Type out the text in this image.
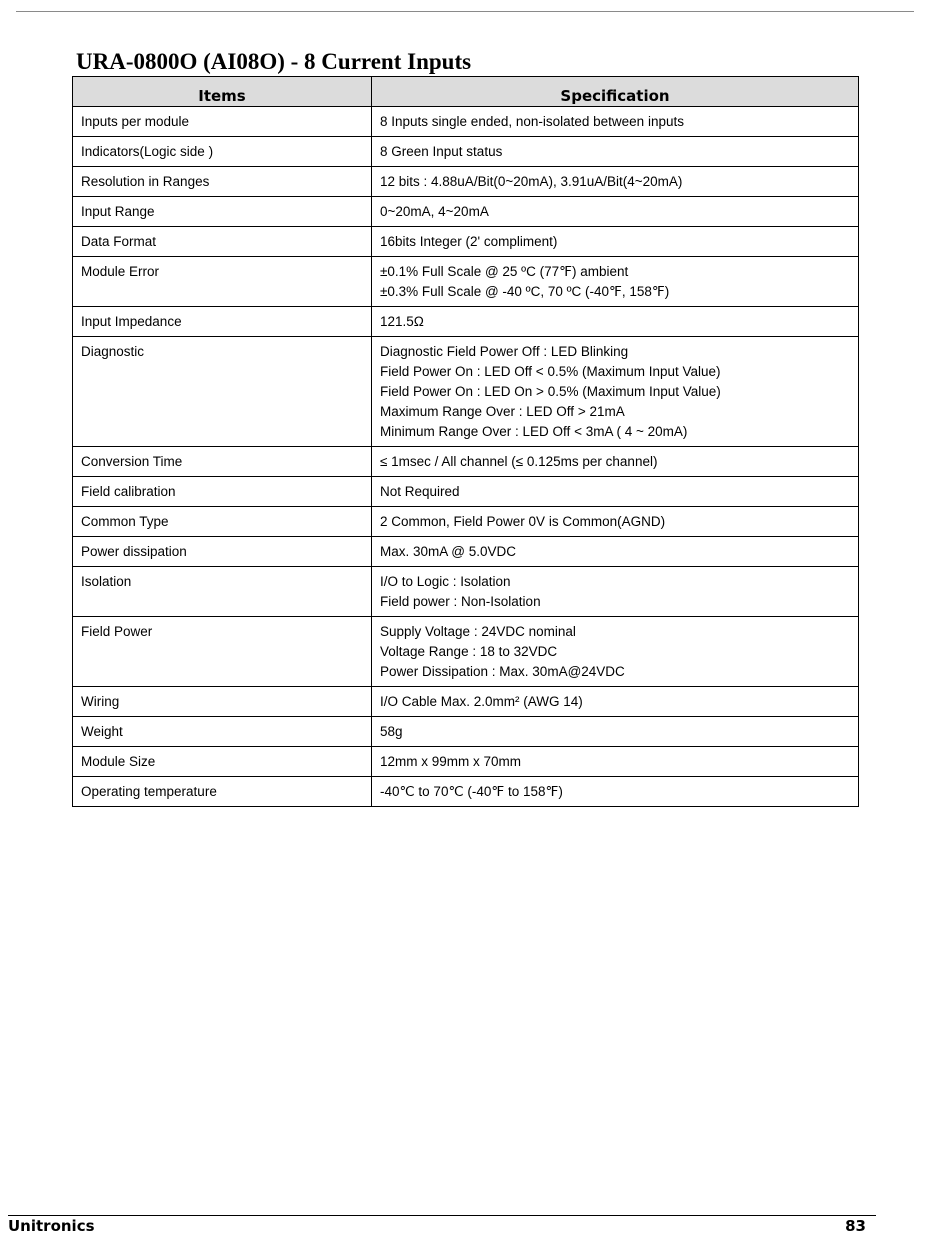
URA-0800O (AI08O) - 8 Current Inputs
Items	Specification
Inputs per module	8 Inputs single ended, non-isolated between inputs

Indicators(Logic side )	8 Green Input status

Resolution in Ranges	12 bits : 4.88uA/Bit(0~20mA), 3.91uA/Bit(4~20mA)

Input Range	0~20mA, 4~20mA

Data Format	16bits Integer (2' compliment)

Module Error	±0.1% Full Scale @ 25 ºC (77℉) ambient
±0.3% Full Scale @ -40 ºC, 70 ºC (-40℉, 158℉)

Input Impedance	121.5Ω

Diagnostic	Diagnostic Field Power Off : LED Blinking
Field Power On : LED Off < 0.5% (Maximum Input Value)
Field Power On : LED On > 0.5% (Maximum Input Value)
Maximum Range Over : LED Off > 21mA
Minimum Range Over : LED Off < 3mA ( 4 ~ 20mA)

Conversion Time	≤ 1msec / All channel (≤ 0.125ms per channel)

Field calibration	Not Required

Common Type	2 Common, Field Power 0V is Common(AGND)

Power dissipation	Max. 30mA @ 5.0VDC

Isolation	I/O to Logic : Isolation
Field power : Non-Isolation

Field Power	Supply Voltage : 24VDC nominal
Voltage Range : 18 to 32VDC
Power Dissipation : Max. 30mA@24VDC

Wiring	I/O Cable Max. 2.0mm² (AWG 14)

Weight	58g

Module Size	12mm x 99mm x 70mm

Operating temperature	-40℃ to 70℃ (-40℉ to 158℉)
Unitronics	83
